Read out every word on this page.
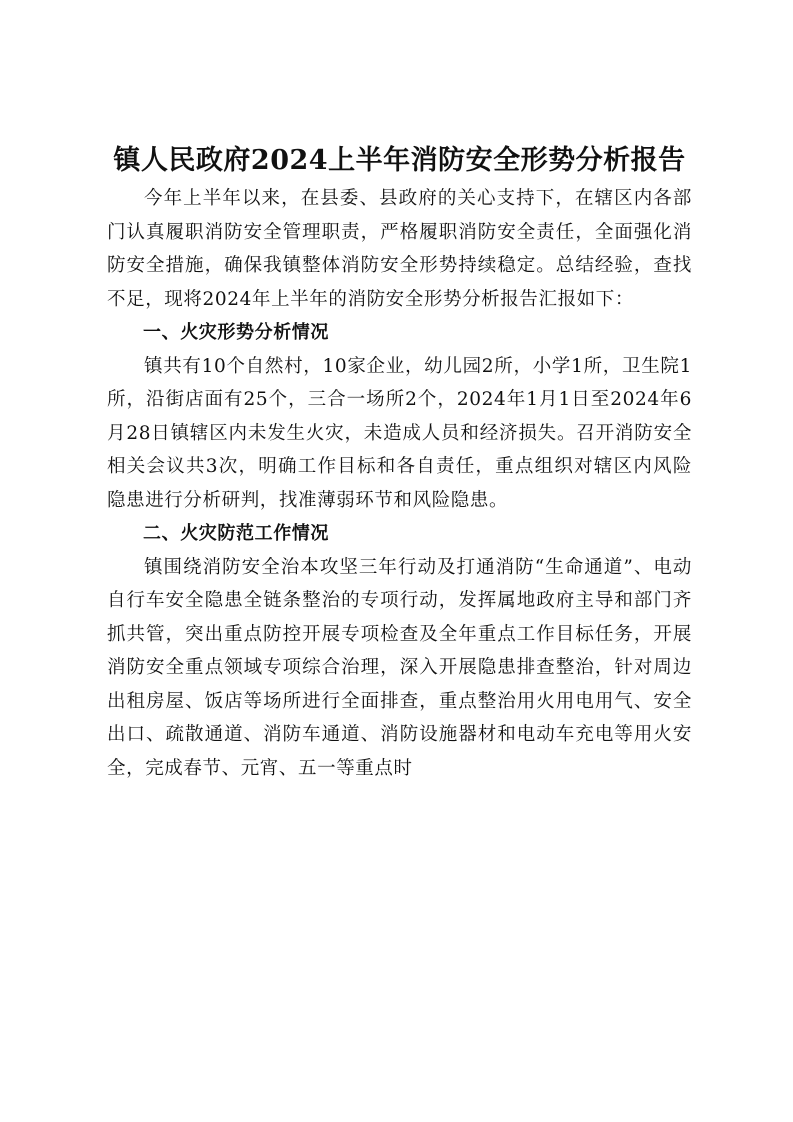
镇人民政府2024上半年消防安全形势分析报告

今年上半年以来，在县委、县政府的关心支持下，在辖区内各部门认真履职消防安全管理职责，严格履职消防安全责任，全面强化消防安全措施，确保我镇整体消防安全形势持续稳定。总结经验，查找不足，现将2024年上半年的消防安全形势分析报告汇报如下：

一、火灾形势分析情况

镇共有10个自然村，10家企业，幼儿园2所，小学1所，卫生院1所，沿街店面有25个，三合一场所2个，2024年1月1日至2024年6月28日镇辖区内未发生火灾，未造成人员和经济损失。召开消防安全相关会议共3次，明确工作目标和各自责任，重点组织对辖区内风险隐患进行分析研判，找准薄弱环节和风险隐患。

二、火灾防范工作情况

镇围绕消防安全治本攻坚三年行动及打通消防“生命通道”、电动自行车安全隐患全链条整治的专项行动，发挥属地政府主导和部门齐抓共管，突出重点防控开展专项检查及全年重点工作目标任务，开展消防安全重点领域专项综合治理，深入开展隐患排查整治，针对周边出租房屋、饭店等场所进行全面排查，重点整治用火用电用气、安全出口、疏散通道、消防车通道、消防设施器材和电动车充电等用火安全，完成春节、元宵、五一等重点时
